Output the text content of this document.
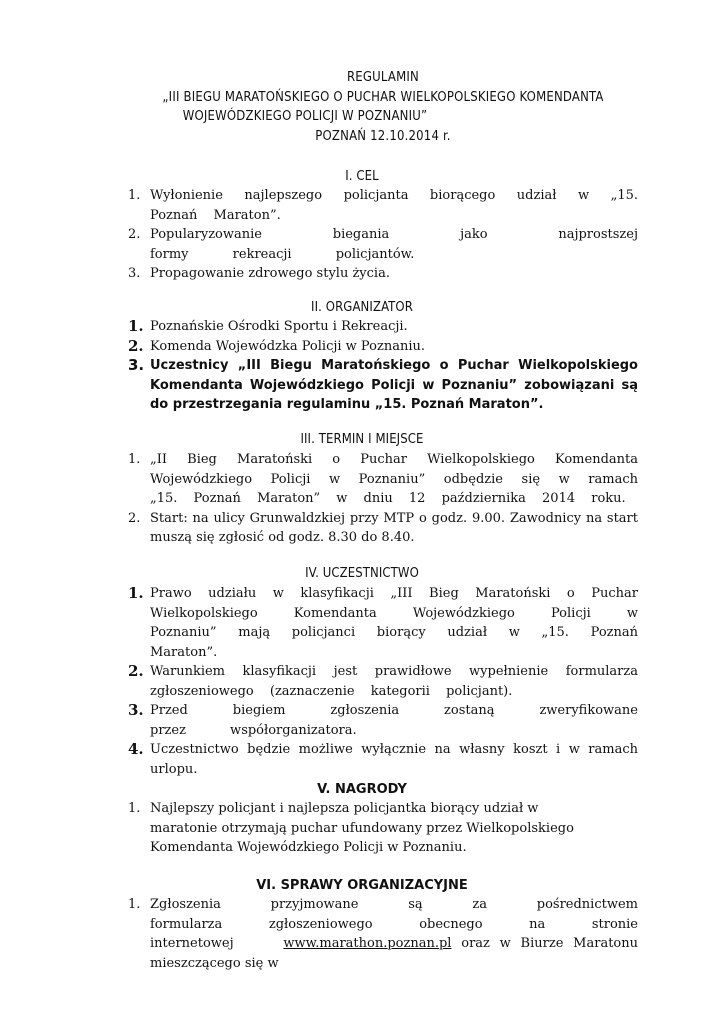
REGULAMIN
„III BIEGU MARATOŃSKIEGO O PUCHAR WIELKOPOLSKIEGO KOMENDANTA
WOJEWÓDZKIEGO POLICJI W POZNANIU”
POZNAŃ 12.10.2014 r.
I. CEL
1. Wyłonienie najlepszego policjanta biorącego udział w „15. Poznań Maraton”.
2. Popularyzowanie biegania jako najprostszej formy rekreacji policjantów.
3. Propagowanie zdrowego stylu życia.
II. ORGANIZATOR
1. Poznańskie Ośrodki Sportu i Rekreacji.
2. Komenda Wojewódzka Policji w Poznaniu.
3. Uczestnicy „III Biegu Maratońskiego o Puchar Wielkopolskiego Komendanta Wojewódzkiego Policji w Poznaniu” zobowiązani są do przestrzegania regulaminu „15. Poznań Maraton”.
III. TERMIN I MIEJSCE
1. „II Bieg Maratoński o Puchar Wielkopolskiego Komendanta Wojewódzkiego Policji w Poznaniu” odbędzie się w ramach „15. Poznań Maraton” w dniu 12 października 2014 roku.
2. Start: na ulicy Grunwaldzkiej przy MTP o godz. 9.00. Zawodnicy na start muszą się zgłosić od godz. 8.30 do 8.40.
IV. UCZESTNICTWO
1. Prawo udziału w klasyfikacji „III Bieg Maratoński o Puchar Wielkopolskiego Komendanta Wojewódzkiego Policji w Poznaniu” mają policjanci biorący udział w „15. Poznań Maraton”.
2. Warunkiem klasyfikacji jest prawidłowe wypełnienie formularza zgłoszeniowego (zaznaczenie kategorii policjant).
3. Przed biegiem zgłoszenia zostaną zweryfikowane przez współorganizatora.
4. Uczestnictwo będzie możliwe wyłącznie na własny koszt i w ramach urlopu.
V. NAGRODY
1. Najlepszy policjant i najlepsza policjantka biorący udział w maratonie otrzymają puchar ufundowany przez Wielkopolskiego Komendanta Wojewódzkiego Policji w Poznaniu.
VI. SPRAWY ORGANIZACYJNE
1. Zgłoszenia przyjmowane są za pośrednictwem formularza zgłoszeniowego obecnego na stronie internetowej www.marathon.poznan.pl oraz w Biurze Maratonu mieszczącego się w
